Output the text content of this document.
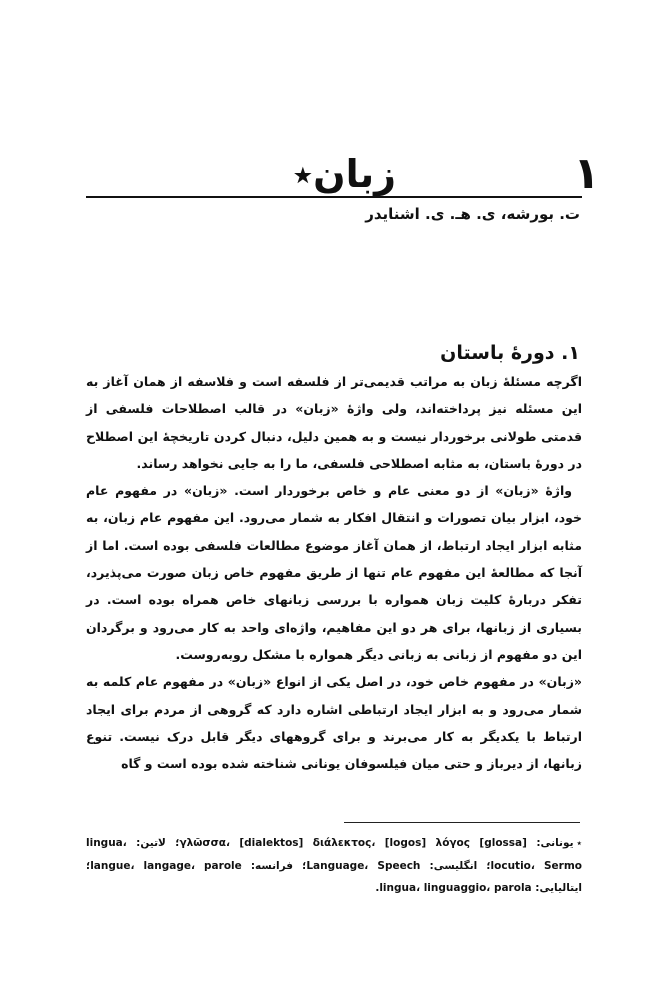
۱
زبان٭
ت. بورشه، ی. هـ. ی. اشنایدر
۱. دورهٔ باستان

اگرچه مسئلهٔ زبان به مراتب قدیمی‌تر از فلسفه است و فلاسفه از همان آغاز به این مسئله نیز پرداخته‌اند، ولی واژهٔ «زبان» در قالب اصطلاحات فلسفی از قدمتی طولانی برخوردار نیست و به همین دلیل، دنبال کردن تاریخچهٔ این اصطلاح در دورهٔ باستان، به مثابه اصطلاحی فلسفی، ما را به جایی نخواهد رساند.

واژهٔ «زبان» از دو معنی عام و خاص برخوردار است. «زبان» در مفهوم عام خود، ابزار بیان تصورات و انتقال افکار به شمار می‌رود. این مفهوم عام زبان، به مثابه ابزار ایجاد ارتباط، از همان آغاز موضوع مطالعات فلسفی بوده است. اما از آنجا که مطالعهٔ این مفهوم عام تنها از طریق مفهوم خاص زبان صورت می‌پذیرد، تفکر دربارهٔ کلیت زبان همواره با بررسی زبانهای خاص همراه بوده است. در بسیاری از زبانها، برای هر دو این مفاهیم، واژه‌ای واحد به کار می‌رود و برگردان این دو مفهوم از زبانی به زبانی دیگر همواره با مشکل روبه‌روست.

«زبان» در مفهوم خاص خود، در اصل یکی از انواع «زبان» در مفهوم عام کلمه به شمار می‌رود و به ابزار ایجاد ارتباطی اشاره دارد که گروهی از مردم برای ایجاد ارتباط با یکدیگر به کار می‌برند و برای گروههای دیگر قابل درک نیست. تنوع زبانها، از دیرباز و حتی میان فیلسوفان یونانی شناخته شده بوده است و گاه

٭یونانی: [glossa] γλῶσσα، [dialektos] διάλεκτος، [logos] λόγος؛ لاتین: lingua، locutio، Sermo؛ انگلیسی: Language، Speech؛ فرانسه: langue، langage، parole؛ ایتالیایی: lingua، linguaggio، parola.
